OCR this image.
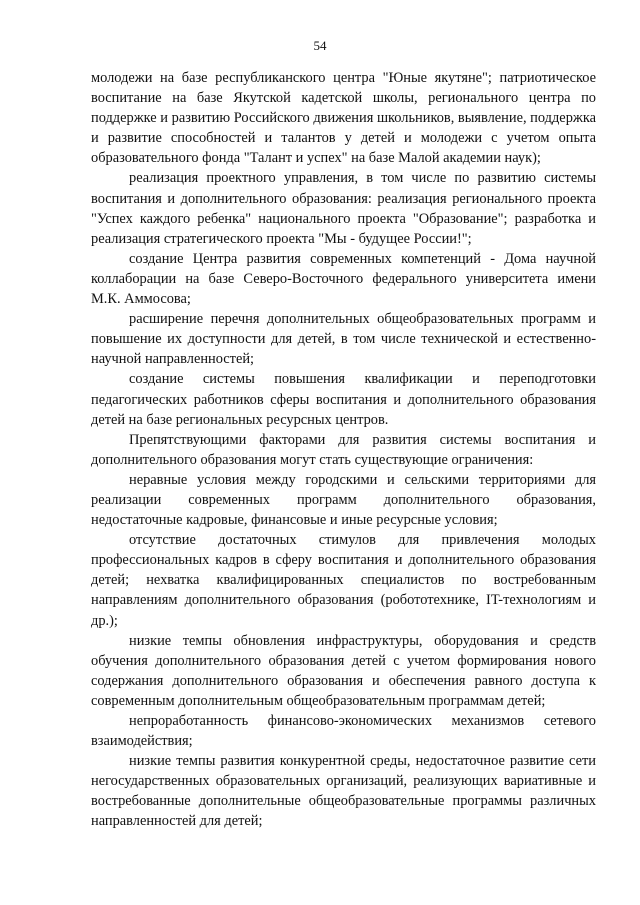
54

молодежи на базе республиканского центра "Юные якутяне"; патриотическое воспитание на базе Якутской кадетской школы, регионального центра по поддержке и развитию Российского движения школьников, выявление, поддержка и развитие способностей и талантов у детей и молодежи с учетом опыта образовательного фонда "Талант и успех" на базе Малой академии наук);

реализация проектного управления, в том числе по развитию системы воспитания и дополнительного образования: реализация регионального проекта "Успех каждого ребенка" национального проекта "Образование"; разработка и реализация стратегического проекта "Мы - будущее России!";

создание Центра развития современных компетенций - Дома научной коллаборации на базе Северо-Восточного федерального университета имени М.К. Аммосова;

расширение перечня дополнительных общеобразовательных программ и повышение их доступности для детей, в том числе технической и естественно-научной направленностей;

создание системы повышения квалификации и переподготовки педагогических работников сферы воспитания и дополнительного образования детей на базе региональных ресурсных центров.

Препятствующими факторами для развития системы воспитания и дополнительного образования могут стать существующие ограничения:

неравные условия между городскими и сельскими территориями для реализации современных программ дополнительного образования, недостаточные кадровые, финансовые и иные ресурсные условия;

отсутствие достаточных стимулов для привлечения молодых профессиональных кадров в сферу воспитания и дополнительного образования детей; нехватка квалифицированных специалистов по востребованным направлениям дополнительного образования (робототехнике, IT-технологиям и др.);

низкие темпы обновления инфраструктуры, оборудования и средств обучения дополнительного образования детей с учетом формирования нового содержания дополнительного образования и обеспечения равного доступа к современным дополнительным общеобразовательным программам детей;

непроработанность финансово-экономических механизмов сетевого взаимодействия;

низкие темпы развития конкурентной среды, недостаточное развитие сети негосударственных образовательных организаций, реализующих вариативные и востребованные дополнительные общеобразовательные программы различных направленностей для детей;
